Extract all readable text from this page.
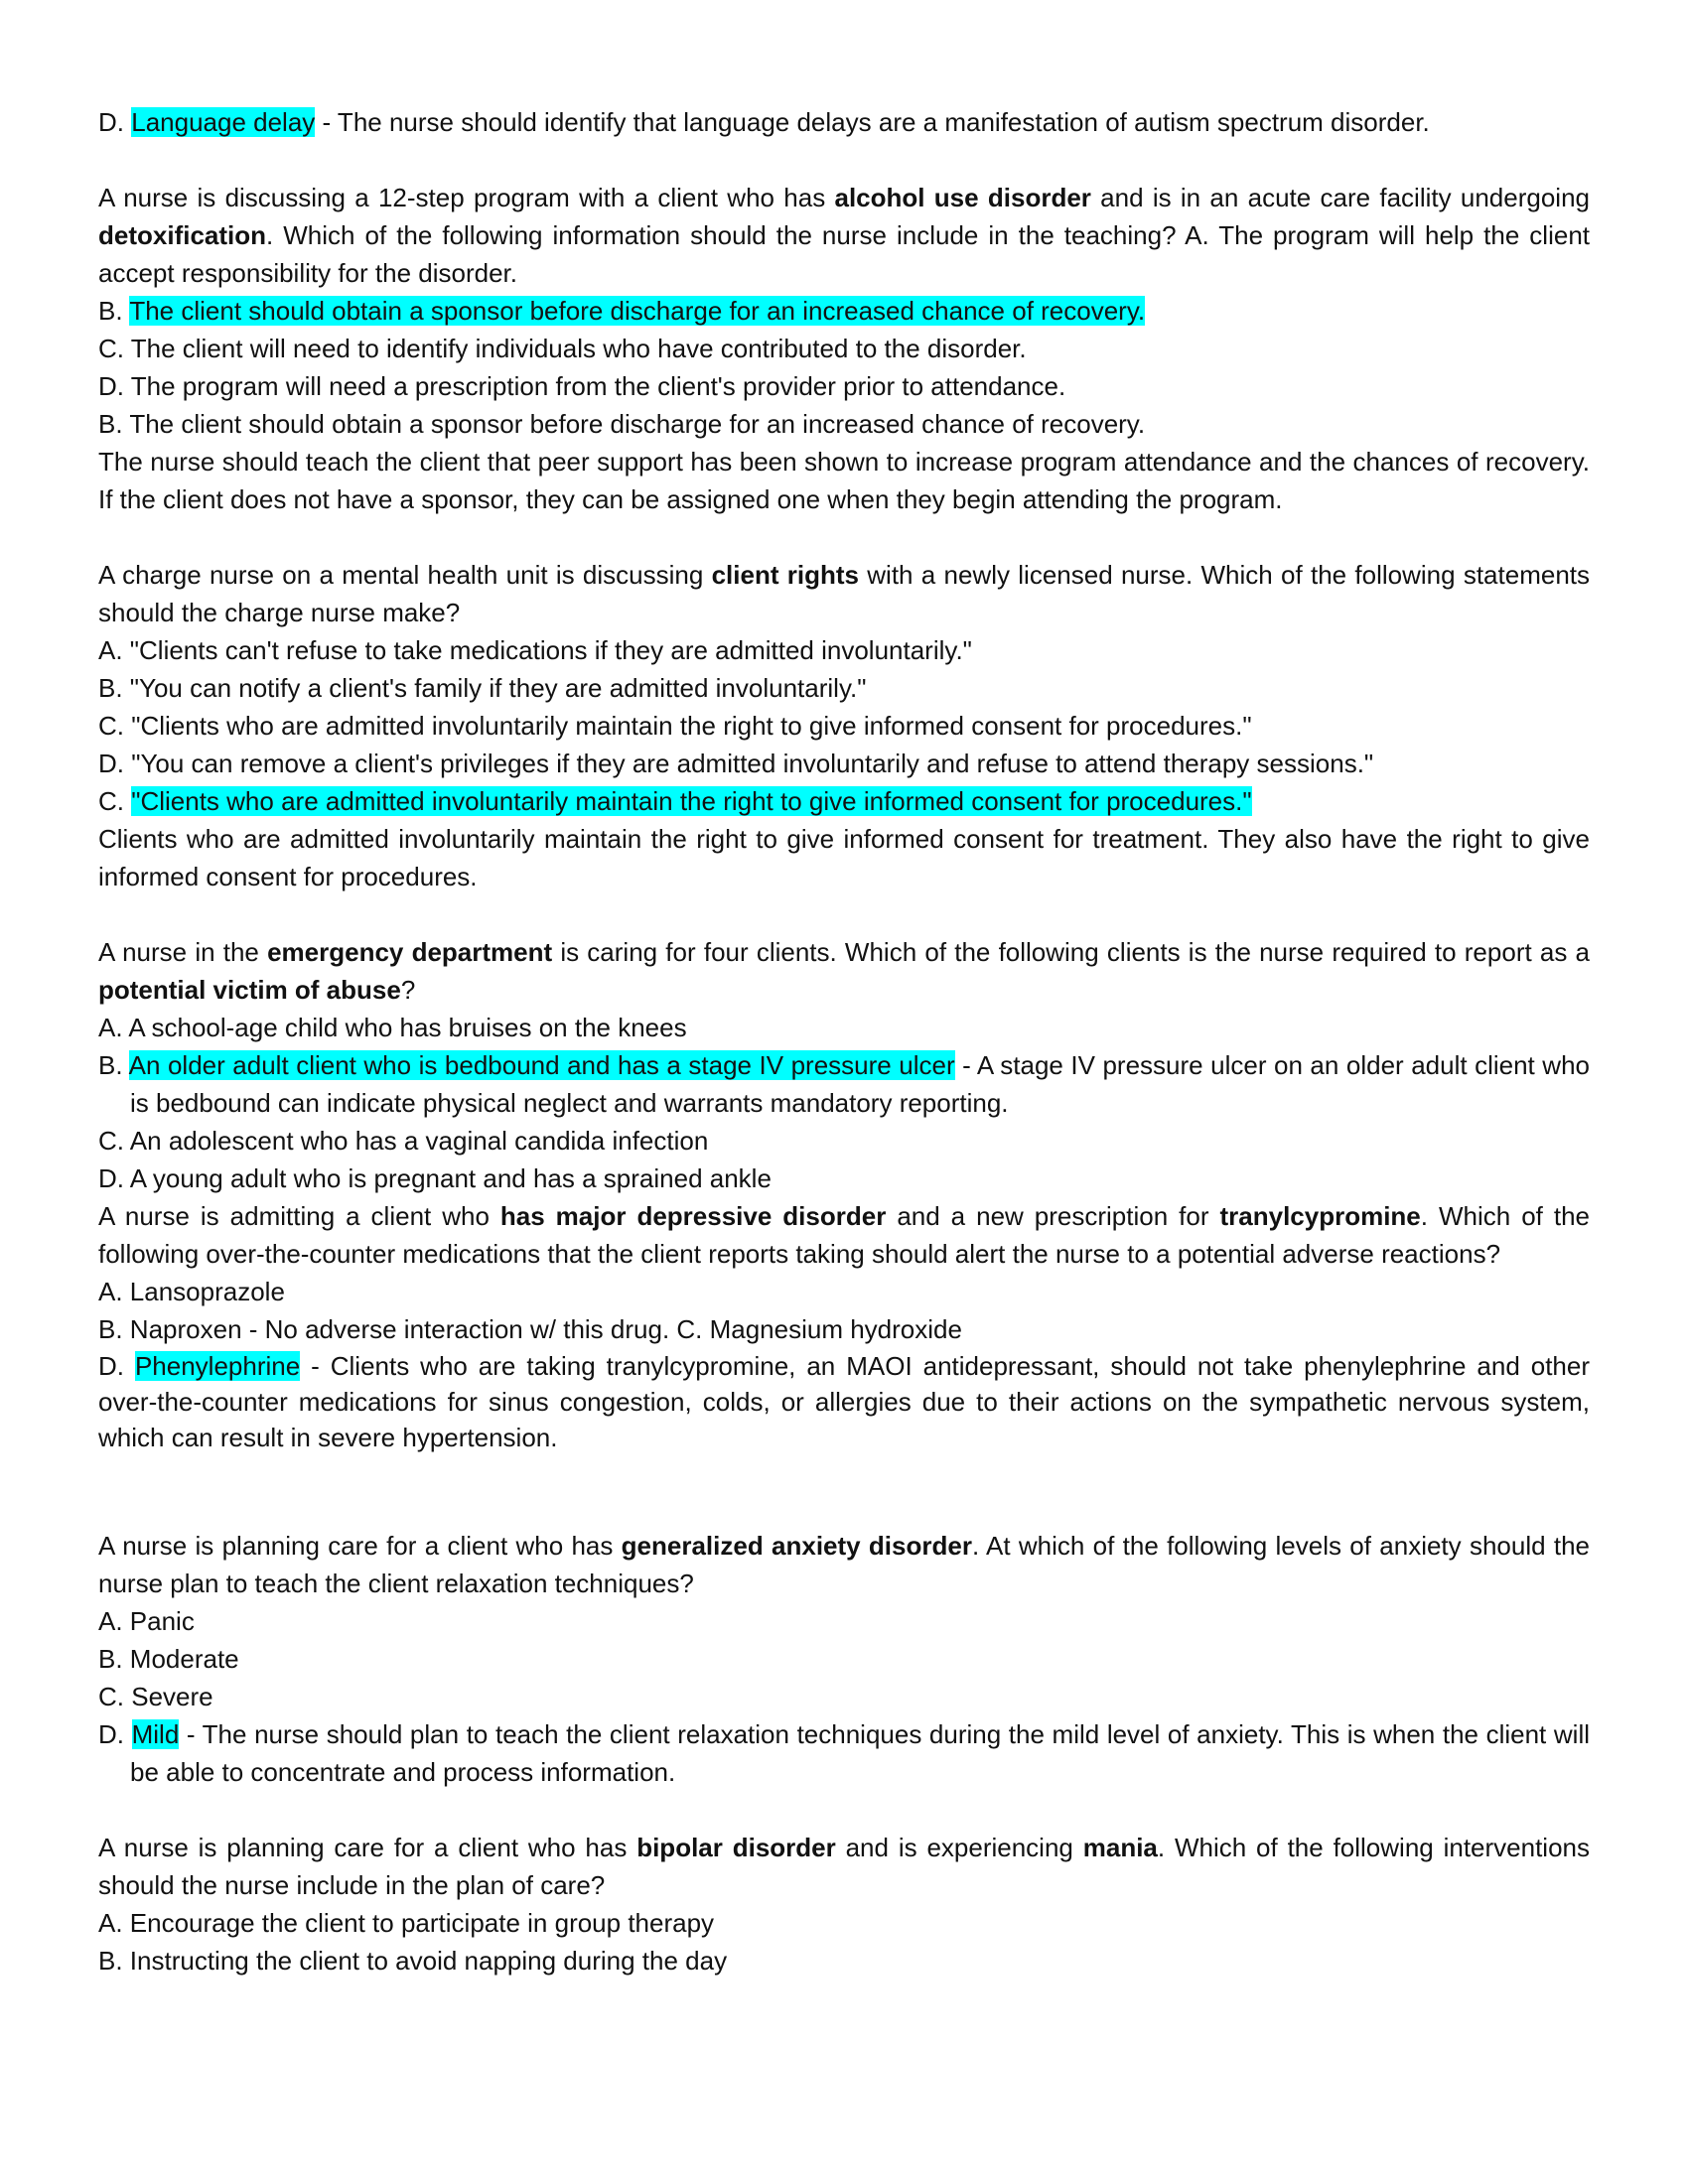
D. Language delay - The nurse should identify that language delays are a manifestation of autism spectrum disorder.

A nurse is discussing a 12-step program with a client who has alcohol use disorder and is in an acute care facility undergoing detoxification. Which of the following information should the nurse include in the teaching? A. The program will help the client accept responsibility for the disorder.

B. The client should obtain a sponsor before discharge for an increased chance of recovery.

C. The client will need to identify individuals who have contributed to the disorder.

D. The program will need a prescription from the client's provider prior to attendance.

B. The client should obtain a sponsor before discharge for an increased chance of recovery.

The nurse should teach the client that peer support has been shown to increase program attendance and the chances of recovery. If the client does not have a sponsor, they can be assigned one when they begin attending the program.

A charge nurse on a mental health unit is discussing client rights with a newly licensed nurse. Which of the following statements should the charge nurse make?

A. "Clients can't refuse to take medications if they are admitted involuntarily."

B. "You can notify a client's family if they are admitted involuntarily."

C. "Clients who are admitted involuntarily maintain the right to give informed consent for procedures."

D. "You can remove a client's privileges if they are admitted involuntarily and refuse to attend therapy sessions."

C. "Clients who are admitted involuntarily maintain the right to give informed consent for procedures."

Clients who are admitted involuntarily maintain the right to give informed consent for treatment. They also have the right to give informed consent for procedures.

A nurse in the emergency department is caring for four clients. Which of the following clients is the nurse required to report as a potential victim of abuse?

A. A school-age child who has bruises on the knees

B. An older adult client who is bedbound and has a stage IV pressure ulcer - A stage IV pressure ulcer on an older adult client who is bedbound can indicate physical neglect and warrants mandatory reporting.

C. An adolescent who has a vaginal candida infection

D. A young adult who is pregnant and has a sprained ankle

A nurse is admitting a client who has major depressive disorder and a new prescription for tranylcypromine. Which of the following over-the-counter medications that the client reports taking should alert the nurse to a potential adverse reactions?

A. Lansoprazole

B. Naproxen - No adverse interaction w/ this drug. C. Magnesium hydroxide

D. Phenylephrine - Clients who are taking tranylcypromine, an MAOI antidepressant, should not take phenylephrine and other over-the-counter medications for sinus congestion, colds, or allergies due to their actions on the sympathetic nervous system, which can result in severe hypertension.

A nurse is planning care for a client who has generalized anxiety disorder. At which of the following levels of anxiety should the nurse plan to teach the client relaxation techniques?

A. Panic

B. Moderate

C. Severe

D. Mild - The nurse should plan to teach the client relaxation techniques during the mild level of anxiety. This is when the client will be able to concentrate and process information.

A nurse is planning care for a client who has bipolar disorder and is experiencing mania. Which of the following interventions should the nurse include in the plan of care?

A. Encourage the client to participate in group therapy

B. Instructing the client to avoid napping during the day
